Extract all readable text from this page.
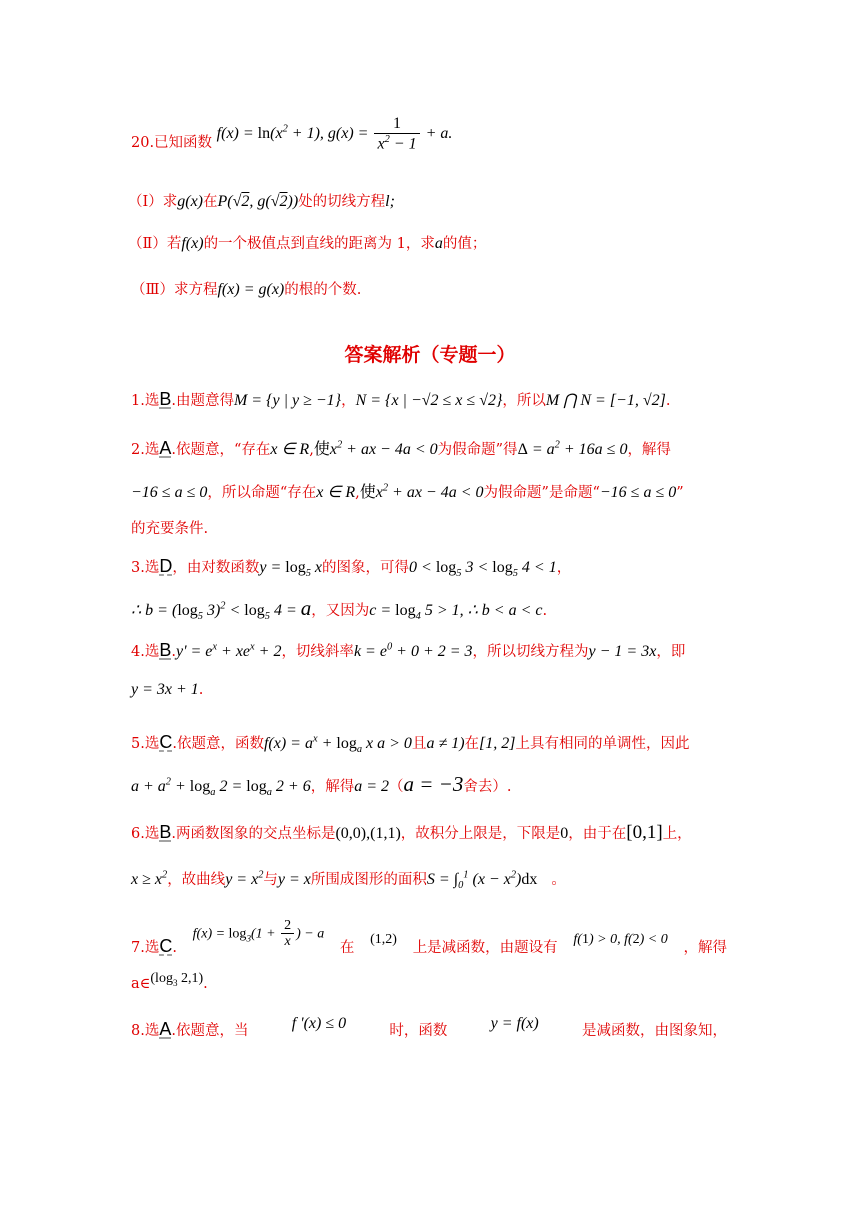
20.已知函数 $f(x) = \ln(x^2 + 1)$, $g(x) = \frac{1}{x^2 - 1} + a$.
（Ⅰ）求g(x)在P(√2, g(√2))处的切线方程l;
（Ⅱ）若f(x)的一个极值点到直线的距离为 1，求a的值；
（Ⅲ）求方程f(x) = g(x)的根的个数.
答案解析（专题一）
1.选B.由题意得M = {y | y ≥ −1}，N = {x | −√2 ≤ x ≤ √2}，所以M ⋂ N = [−1, √2].
2.选A.依题意，“存在x ∈ R,使$x^2$ + ax − 4a < 0为假命题”得$\Delta = a^2 + 16a \le 0$，解得
−16 ≤ a ≤ 0，所以命题“存在x ∈ R,使$x^2$ + ax − 4a < 0为假命题”是命题“−16 ≤ a ≤ 0”
的充要条件.
3.选D，由对数函数$y = \log_5 x$的图象，可得$0 < \log_5 3 < \log_5 4 < 1$，
∴ $b = (\log_5$ $3)^2 < \log_5 4 = a$，又因为$c = \log_4 5 > 1$, ∴ b < a < c.
4.选$B.y' = e^x + xe^x + 2$，切线斜率$k = e^0 + 0 + 2 = 3$，所以切线方程为y − 1 = 3x，即
y = 3x + 1.
5.选C.依题意，函数$f(x) = a^x + \log_a x$ a > 0且a ≠ 1)在[1, 2]上具有相同的单调性，因此
$a + a^2 + \log_a 2 = \log_a 2 + 6$，解得a = 2（a = −3舍去）.
6.选B.两函数图象的交点坐标是(0,0),(1,1)，故积分上限是，下限是0，由于在[0,1]上，
$x \ge x^2$，故曲线$y = x^2$与y = x所围成图形的面积$S = \int_0^1$ $(x - x^2)dx$ 。
7.选C.
$f(x) = \log_3(1 + \frac{2}{x}$ ) − a
在 (1,2) 上是减函数，由题设有 f(1) > 0, f(2) < 0 ，解得
$a\in(\log_3$ 2,1).
8.选A.依题意，当	f '(x) ≤ 0	时，函数	y = f(x)	是减函数，由图象知，
